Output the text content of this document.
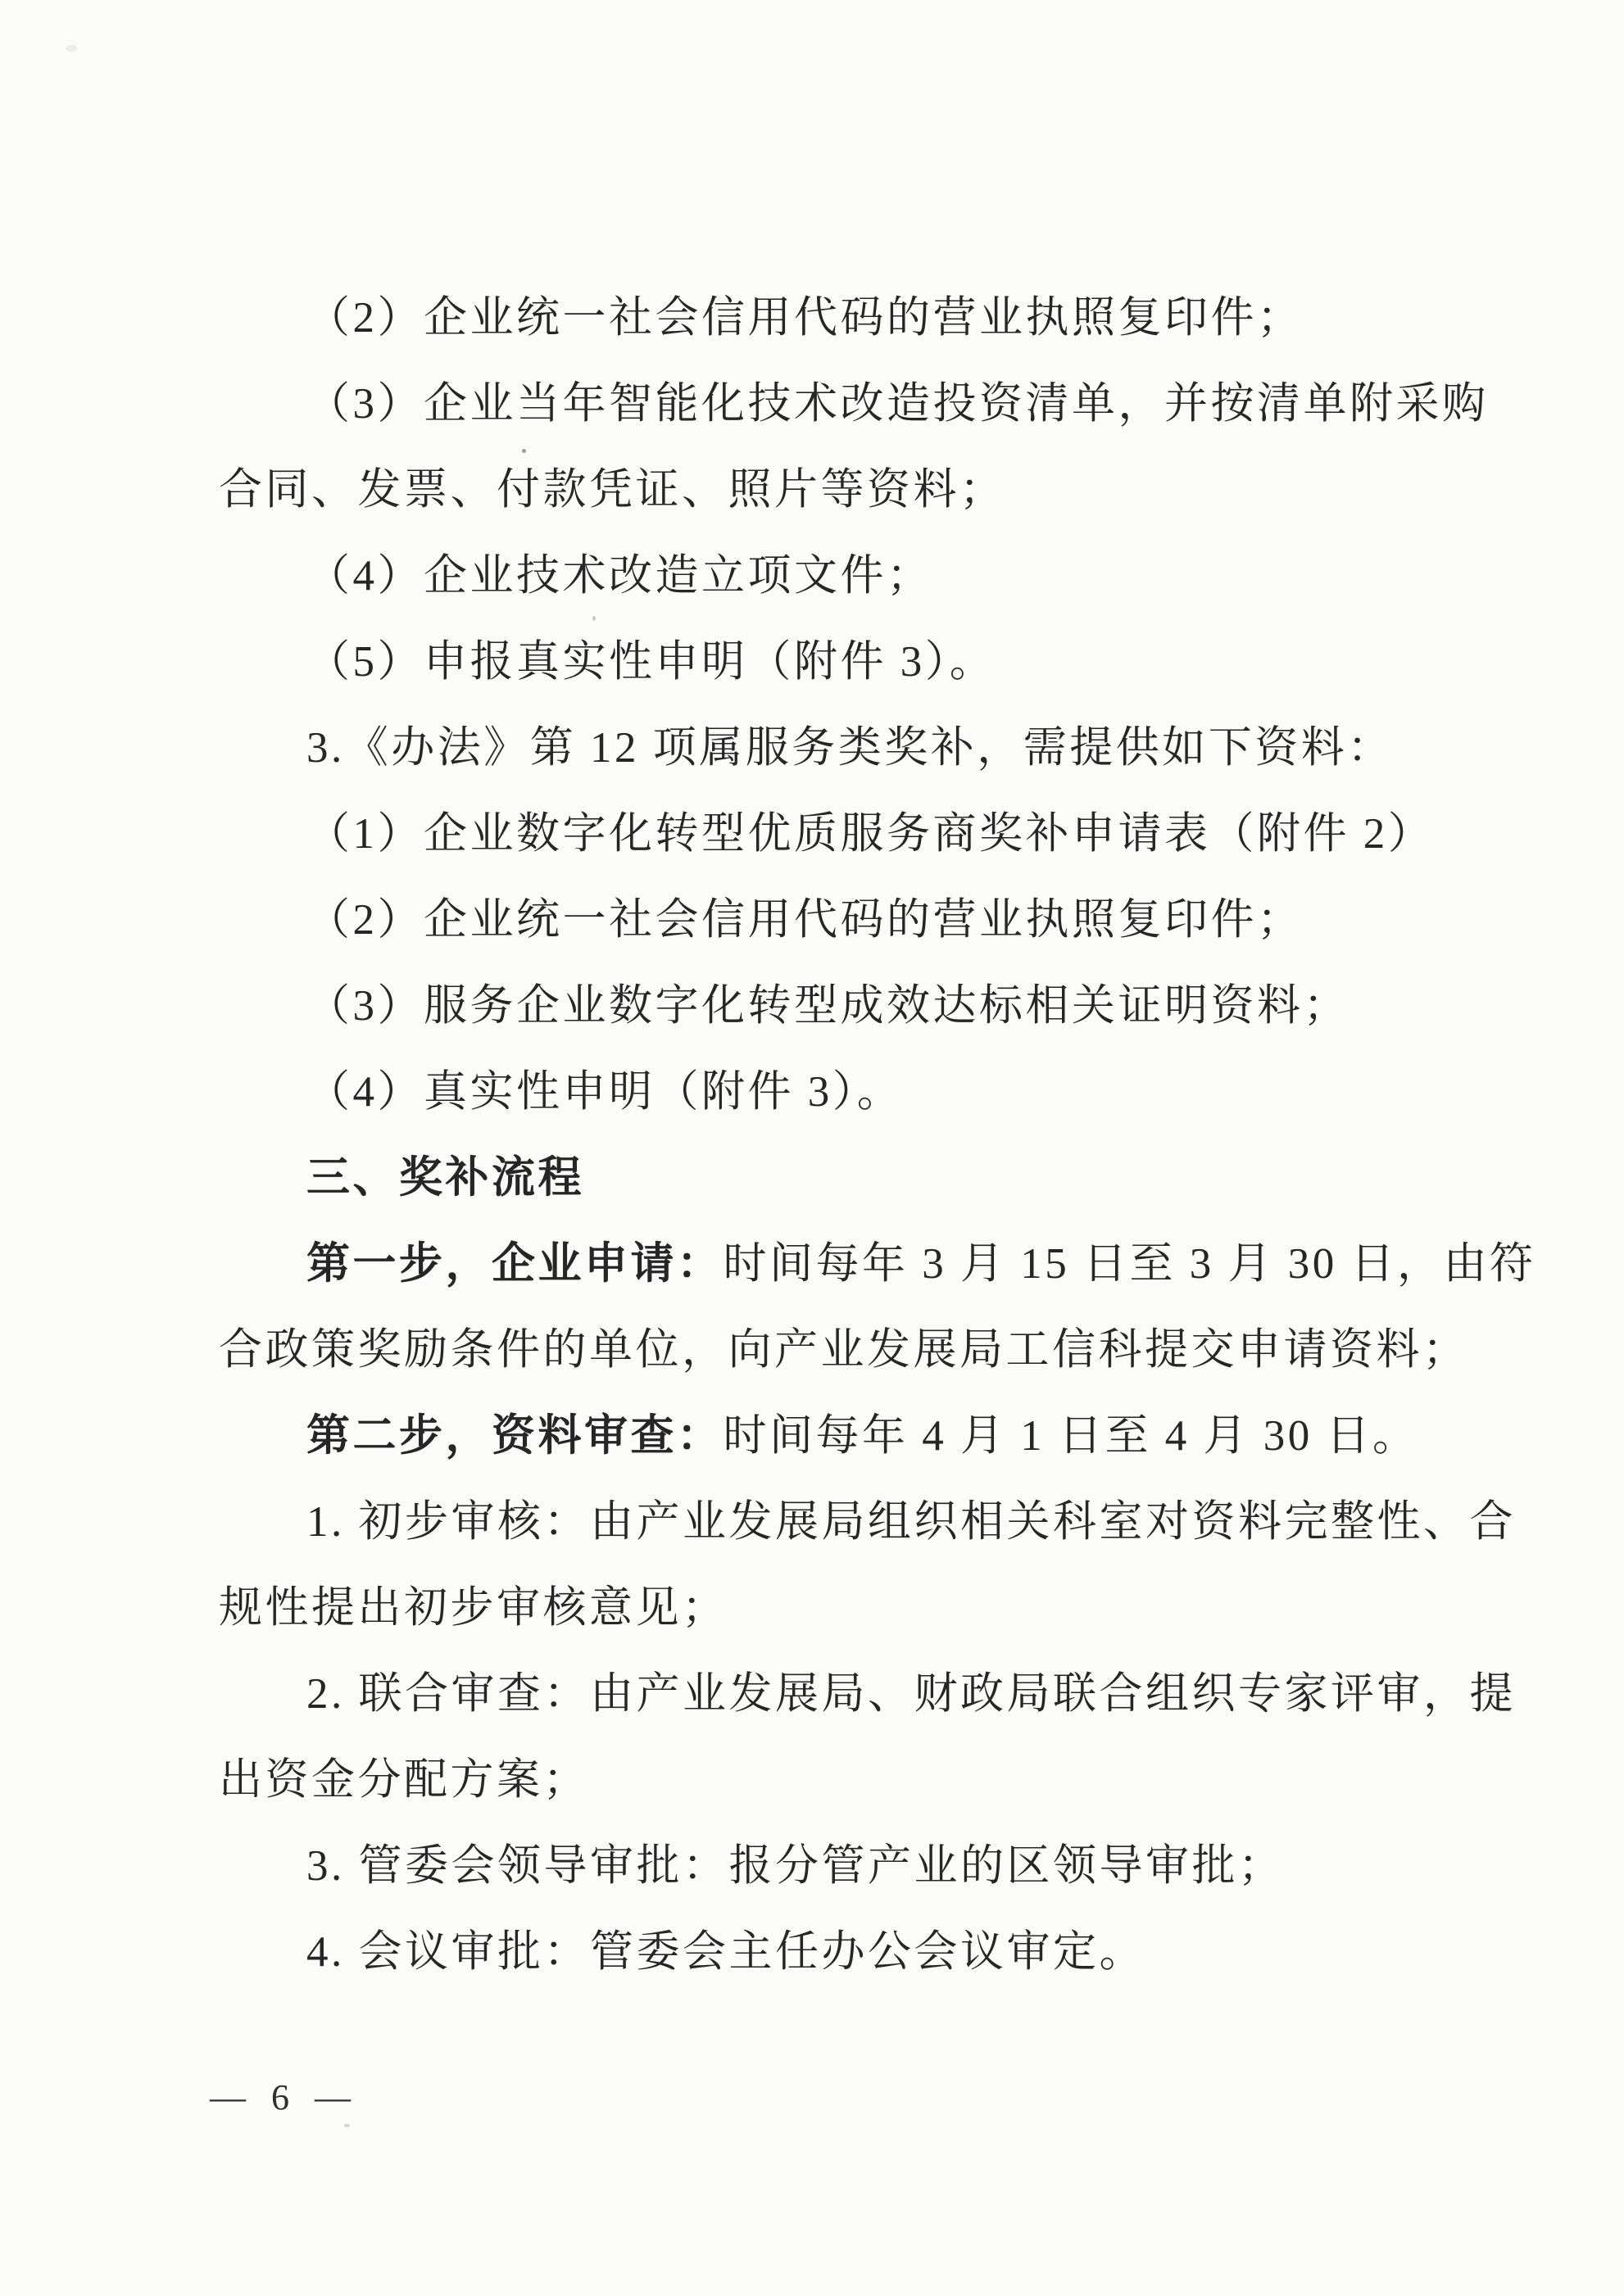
（2）企业统一社会信用代码的营业执照复印件；
（3）企业当年智能化技术改造投资清单，并按清单附采购
合同、发票、付款凭证、照片等资料；
（4）企业技术改造立项文件；
（5）申报真实性申明（附件 3）。
3.《办法》第 12 项属服务类奖补，需提供如下资料：
（1）企业数字化转型优质服务商奖补申请表（附件 2）
（2）企业统一社会信用代码的营业执照复印件；
（3）服务企业数字化转型成效达标相关证明资料；
（4）真实性申明（附件 3）。
三、奖补流程
第一步，企业申请：时间每年 3 月 15 日至 3 月 30 日，由符
合政策奖励条件的单位，向产业发展局工信科提交申请资料；
第二步，资料审查：时间每年 4 月 1 日至 4 月 30 日。
1. 初步审核：由产业发展局组织相关科室对资料完整性、合
规性提出初步审核意见；
2. 联合审查：由产业发展局、财政局联合组织专家评审，提
出资金分配方案；
3. 管委会领导审批：报分管产业的区领导审批；
4. 会议审批：管委会主任办公会议审定。
— 6 —
